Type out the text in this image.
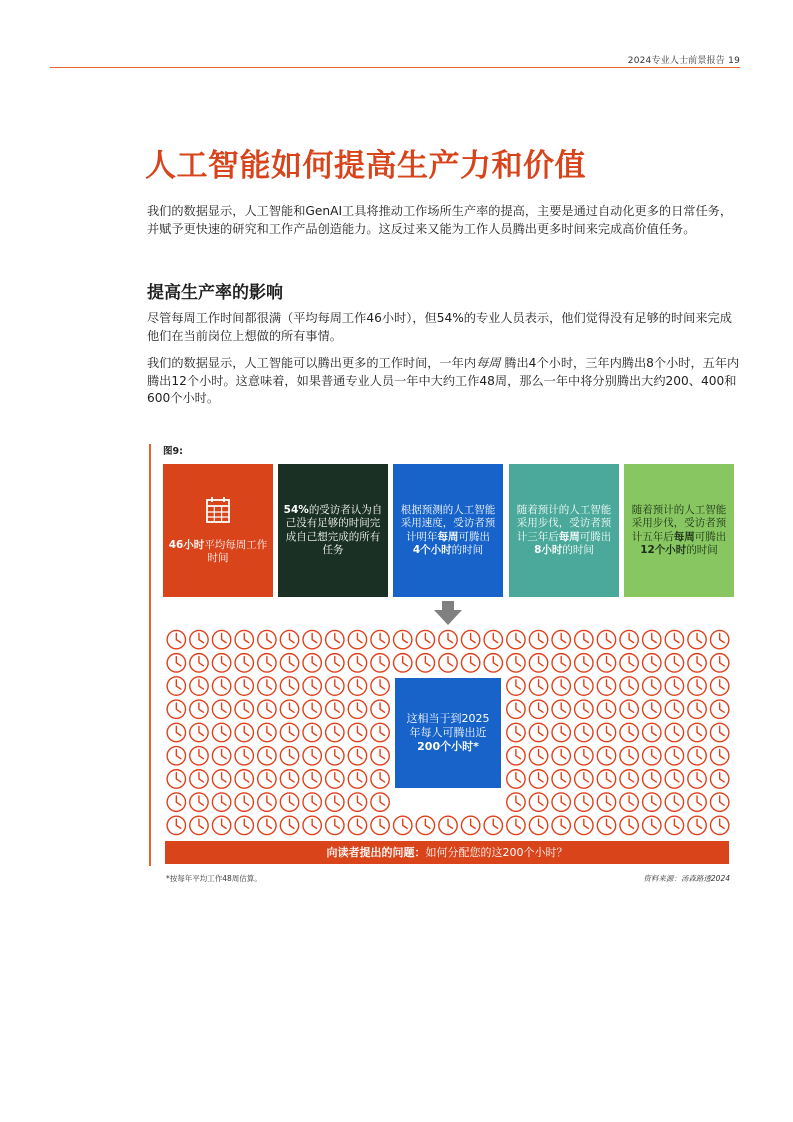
2024专业人士前景报告 19
人工智能如何提高生产力和价值

我们的数据显示，人工智能和GenAI工具将推动工作场所生产率的提高，主要是通过自动化更多的日常任务，并赋予更快速的研究和工作产品创造能力。这反过来又能为工作人员腾出更多时间来完成高价值任务。

提高生产率的影响

尽管每周工作时间都很满（平均每周工作46小时），但54%的专业人员表示，他们觉得没有足够的时间来完成他们在当前岗位上想做的所有事情。

我们的数据显示，人工智能可以腾出更多的工作时间，一年内每周 腾出4个小时，三年内腾出8个小时，五年内腾出12个小时。这意味着，如果普通专业人员一年中大约工作48周，那么一年中将分别腾出大约200、400和600个小时。

图9:
46小时平均每周工作时间
54%的受访者认为自己没有足够的时间完成自己想完成的所有任务
根据预测的人工智能采用速度，受访者预计明年每周可腾出
4个小时的时间
随着预计的人工智能采用步伐，受访者预计三年后每周可腾出
8小时的时间
随着预计的人工智能采用步伐，受访者预计五年后每周可腾出
12个小时的时间
这相当于到2025
年每人可腾出近
200个小时*
向读者提出的问题：如何分配您的这200个小时？
*按每年平均工作48周估算。	资料来源：汤森路透2024
